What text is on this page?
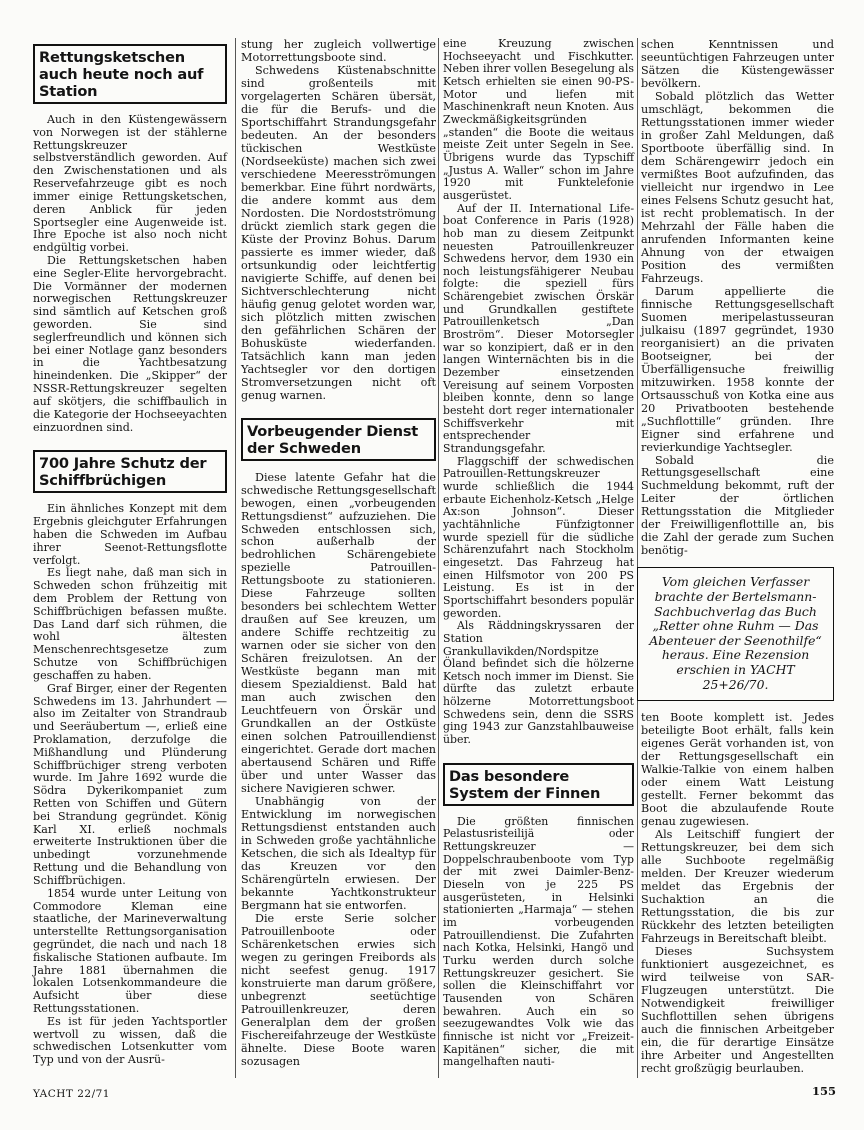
Rettungsketschen auch heute noch auf Station

Auch in den Küstengewässern von Norwegen ist der stählerne Rettungskreuzer selbstverständlich geworden. Auf den Zwischenstationen und als Reservefahrzeuge gibt es noch immer einige Rettungsketschen, deren Anblick für jeden Sportsegler eine Augenweide ist. Ihre Epoche ist also noch nicht endgültig vorbei.

Die Rettungsketschen haben eine Segler-Elite hervorgebracht. Die Vormänner der modernen norwegischen Rettungskreuzer sind sämtlich auf Ketschen groß geworden. Sie sind seglerfreundlich und können sich bei einer Notlage ganz besonders in die Yachtbesatzung hineindenken. Die „Skipper“ der NSSR-Rettungskreuzer segelten auf skötjers, die schiffbaulich in die Kategorie der Hochseeyachten einzuordnen sind.

700 Jahre Schutz der Schiffbrüchigen

Ein ähnliches Konzept mit dem Ergebnis gleichguter Erfahrungen haben die Schweden im Aufbau ihrer Seenot-Rettungsflotte verfolgt.

Es liegt nahe, daß man sich in Schweden schon frühzeitig mit dem Problem der Rettung von Schiffbrüchigen befassen mußte. Das Land darf sich rühmen, die wohl ältesten Menschenrechtsgesetze zum Schutze von Schiffbrüchigen geschaffen zu haben.

Graf Birger, einer der Regenten Schwedens im 13. Jahrhundert — also im Zeitalter von Strandraub und Seeräubertum —, erließ eine Proklamation, derzufolge die Mißhandlung und Plünderung Schiffbrüchiger streng verboten wurde. Im Jahre 1692 wurde die Södra Dykerikompaniet zum Retten von Schiffen und Gütern bei Strandung gegründet. König Karl XI. erließ nochmals erweiterte Instruktionen über die unbedingt vorzunehmende Rettung und die Behandlung von Schiffbrüchigen.

1854 wurde unter Leitung von Commodore Kleman eine staatliche, der Marineverwaltung unterstellte Rettungsorganisation gegründet, die nach und nach 18 fiskalische Stationen aufbaute. Im Jahre 1881 übernahmen die lokalen Lotsenkommandeure die Aufsicht über diese Rettungsstationen.

Es ist für jeden Yachtsportler wertvoll zu wissen, daß die schwedischen Lotsenkutter vom Typ und von der Ausrü-

stung her zugleich vollwertige Motorrettungsboote sind.

Schwedens Küstenabschnitte sind großenteils mit vorgelagerten Schären übersät, die für die Berufs- und die Sportschiffahrt Strandungsgefahr bedeuten. An der besonders tückischen Westküste (Nordseeküste) machen sich zwei verschiedene Meeresströmungen bemerkbar. Eine führt nordwärts, die andere kommt aus dem Nordosten. Die Nordostströmung drückt ziemlich stark gegen die Küste der Provinz Bohus. Darum passierte es immer wieder, daß ortsunkundig oder leichtfertig navigierte Schiffe, auf denen bei Sichtverschlechterung nicht häufig genug gelotet worden war, sich plötzlich mitten zwischen den gefährlichen Schären der Bohusküste wiederfanden. Tatsächlich kann man jeden Yachtsegler vor den dortigen Stromversetzungen nicht oft genug warnen.

Vorbeugender Dienst der Schweden

Diese latente Gefahr hat die schwedische Rettungsgesellschaft bewogen, einen „vorbeugenden Rettungsdienst“ aufzuziehen. Die Schweden entschlossen sich, schon außerhalb der bedrohlichen Schärengebiete spezielle Patrouillen-Rettungsboote zu stationieren. Diese Fahrzeuge sollten besonders bei schlechtem Wetter draußen auf See kreuzen, um andere Schiffe rechtzeitig zu warnen oder sie sicher von den Schären freizulotsen. An der Westküste begann man mit diesem Spezialdienst. Bald hat man auch zwischen den Leuchtfeuern von Örskär und Grundkallen an der Ostküste einen solchen Patrouillendienst eingerichtet. Gerade dort machen abertausend Schären und Riffe über und unter Wasser das sichere Navigieren schwer.

Unabhängig von der Entwicklung im norwegischen Rettungsdienst entstanden auch in Schweden große yachtähnliche Ketschen, die sich als Idealtyp für das Kreuzen vor den Schärengürteln erwiesen. Der bekannte Yachtkonstrukteur Bergmann hat sie entworfen.

Die erste Serie solcher Patrouillenboote oder Schärenketschen erwies sich wegen zu geringen Freibords als nicht seefest genug. 1917 konstruierte man darum größere, unbegrenzt seetüchtige Patrouillenkreuzer, deren Generalplan dem der großen Fischereifahrzeuge der Westküste ähnelte. Diese Boote waren sozusagen

eine Kreuzung zwischen Hochseeyacht und Fischkutter. Neben ihrer vollen Besegelung als Ketsch erhielten sie einen 90-PS-Motor und liefen mit Maschinenkraft neun Knoten. Aus Zweckmäßigkeitsgründen „standen“ die Boote die weitaus meiste Zeit unter Segeln in See. Übrigens wurde das Typschiff „Justus A. Waller“ schon im Jahre 1920 mit Funktelefonie ausgerüstet.

Auf der II. International Life-boat Conference in Paris (1928) hob man zu diesem Zeitpunkt neuesten Patrouillenkreuzer Schwedens hervor, dem 1930 ein noch leistungsfähigerer Neubau folgte: die speziell fürs Schärengebiet zwischen Örskär und Grundkallen gestiftete Patrouillenketsch „Dan Broström“. Dieser Motorsegler war so konzipiert, daß er in den langen Winternächten bis in die Dezember einsetzenden Vereisung auf seinem Vorposten bleiben konnte, denn so lange besteht dort reger internationaler Schiffsverkehr mit entsprechender Strandungsgefahr.

Flaggschiff der schwedischen Patrouillen-Rettungskreuzer wurde schließlich die 1944 erbaute Eichenholz-Ketsch „Helge Ax:son Johnson“. Dieser yachtähnliche Fünfzigtonner wurde speziell für die südliche Schärenzufahrt nach Stockholm eingesetzt. Das Fahrzeug hat einen Hilfsmotor von 200 PS Leistung. Es ist in der Sportschiffahrt besonders populär geworden.

Als Räddningskryssaren der Station Grankullavikden/Nordspitze Öland befindet sich die hölzerne Ketsch noch immer im Dienst. Sie dürfte das zuletzt erbaute hölzerne Motorrettungsboot Schwedens sein, denn die SSRS ging 1943 zur Ganzstahlbauweise über.

Das besondere System der Finnen

Die größten finnischen Pelastusristeilijä oder Rettungskreuzer — Doppelschraubenboote vom Typ der mit zwei Daimler-Benz-Dieseln von je 225 PS ausgerüsteten, in Helsinki stationierten „Harmaja“ — stehen im vorbeugenden Patrouillendienst. Die Zufahrten nach Kotka, Helsinki, Hangö und Turku werden durch solche Rettungskreuzer gesichert. Sie sollen die Kleinschiffahrt vor Tausenden von Schären bewahren. Auch ein so seezugewandtes Volk wie das finnische ist nicht vor „Freizeit-Kapitänen“ sicher, die mit mangelhaften nauti-

schen Kenntnissen und seeuntüchtigen Fahrzeugen unter Sätzen die Küstengewässer bevölkern.

Sobald plötzlich das Wetter umschlägt, bekommen die Rettungsstationen immer wieder in großer Zahl Meldungen, daß Sportboote überfällig sind. In dem Schärengewirr jedoch ein vermißtes Boot aufzufinden, das vielleicht nur irgendwo in Lee eines Felsens Schutz gesucht hat, ist recht problematisch. In der Mehrzahl der Fälle haben die anrufenden Informanten keine Ahnung von der etwaigen Position des vermißten Fahrzeugs.

Darum appellierte die finnische Rettungsgesellschaft Suomen meripelastusseuran julkaisu (1897 gegründet, 1930 reorganisiert) an die privaten Bootseigner, bei der Überfälligensuche freiwillig mitzuwirken. 1958 konnte der Ortsausschuß von Kotka eine aus 20 Privatbooten bestehende „Suchflottille“ gründen. Ihre Eigner sind erfahrene und revierkundige Yachtsegler.

Sobald die Rettungsgesellschaft eine Suchmeldung bekommt, ruft der Leiter der örtlichen Rettungsstation die Mitglieder der Freiwilligenflottille an, bis die Zahl der gerade zum Suchen benötig-

Vom gleichen Verfasser brachte der Bertelsmann-Sachbuchverlag das Buch „Retter ohne Ruhm — Das Abenteuer der Seenothilfe“ heraus. Eine Rezension erschien in YACHT 25+26/70.

ten Boote komplett ist. Jedes beteiligte Boot erhält, falls kein eigenes Gerät vorhanden ist, von der Rettungsgesellschaft ein Walkie-Talkie von einem halben oder einem Watt Leistung gestellt. Ferner bekommt das Boot die abzulaufende Route genau zugewiesen.

Als Leitschiff fungiert der Rettungskreuzer, bei dem sich alle Suchboote regelmäßig melden. Der Kreuzer wiederum meldet das Ergebnis der Suchaktion an die Rettungsstation, die bis zur Rückkehr des letzten beteiligten Fahrzeugs in Bereitschaft bleibt.

Dieses Suchsystem funktioniert ausgezeichnet, es wird teilweise von SAR-Flugzeugen unterstützt. Die Notwendigkeit freiwilliger Suchflottillen sehen übrigens auch die finnischen Arbeitgeber ein, die für derartige Einsätze ihre Arbeiter und Angestellten recht großzügig beurlauben.

YACHT 22/71	155
